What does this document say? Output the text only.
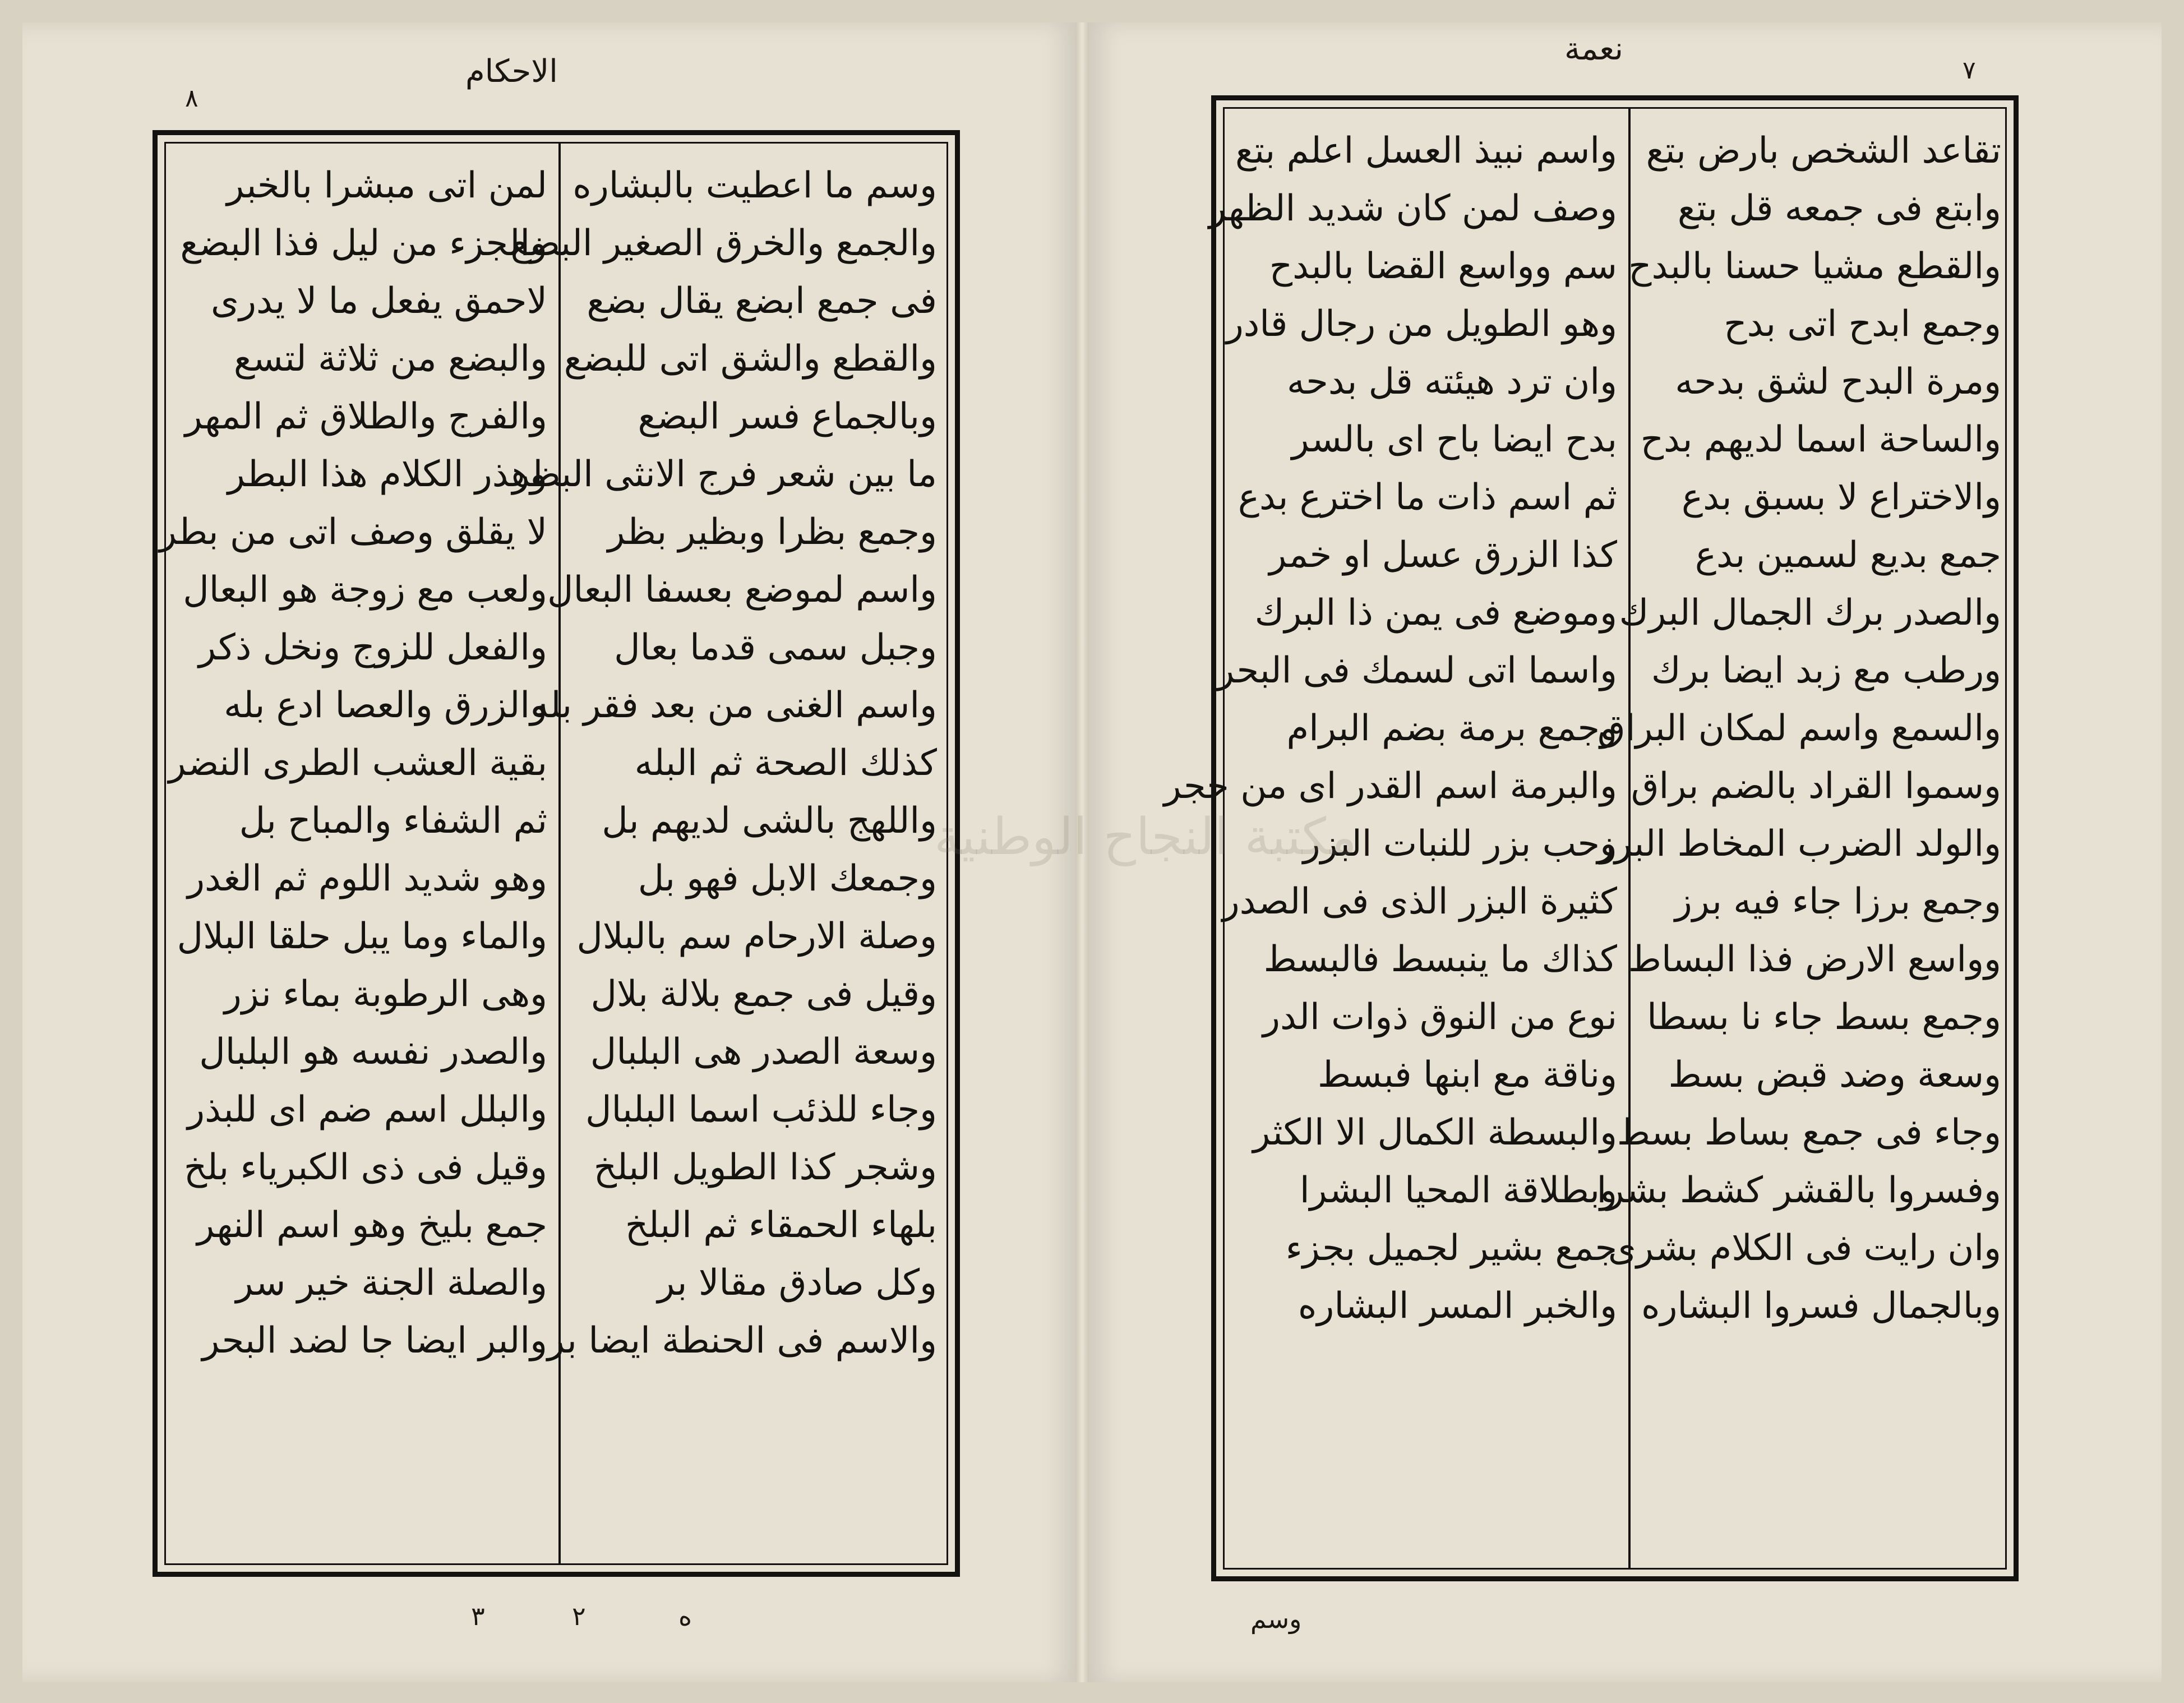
الاحكام
٨
نعمة
٧
لمن اتى مبشرا بالخبر
والجزء من ليل فذا البضع
لاحمق يفعل ما لا يدرى
والبضع من ثلاثة لتسع
والفرج والطلاق ثم المهر
وهذر الكلام هذا البطر
لا يقلق وصف اتى من بطر
ولعب مع زوجة هو البعال
والفعل للزوج ونخل ذكر
والزرق والعصا ادع بله
بقية العشب الطرى النضر
ثم الشفاء والمباح بل
وهو شديد اللوم ثم الغدر
والماء وما يبل حلقا البلال
وهى الرطوبة بماء نزر
والصدر نفسه هو البلبال
والبلل اسم ضم اى للبذر
وقيل فى ذى الكبرياء بلخ
جمع بليخ وهو اسم النهر
والصلة الجنة خير سر
والبر ايضا جا لضد البحر
وسم ما اعطيت بالبشاره
والجمع والخرق الصغير البضع
فى جمع ابضع يقال بضع
والقطع والشق اتى للبضع
وبالجماع فسر البضع
ما بين شعر فرج الانثى البظر
وجمع بظرا وبظير بظر
واسم لموضع بعسفا البعال
وجبل سمى قدما بعال
واسم الغنى من بعد فقر بله
كذلك الصحة ثم البله
واللهج بالشى لديهم بل
وجمعك الابل فهو بل
وصلة الارحام سم بالبلال
وقيل فى جمع بلالة بلال
وسعة الصدر هى البلبال
وجاء للذئب اسما البلبال
وشجر كذا الطويل البلخ
بلهاء الحمقاء ثم البلخ
وكل صادق مقالا بر
والاسم فى الحنطة ايضا بر
واسم نبيذ العسل اعلم بتع
وصف لمن كان شديد الظهر
سم وواسع القضا بالبدح
وهو الطويل من رجال قادر
وان ترد هيئته قل بدحه
بدح ايضا باح اى بالسر
ثم اسم ذات ما اخترع بدع
كذا الزرق عسل او خمر
وموضع فى يمن ذا البرك
واسما اتى لسمك فى البحر
وجمع برمة بضم البرام
والبرمة اسم القدر اى من حجر
وحب بزر للنبات البزر
كثيرة البزر الذى فى الصدر
كذاك ما ينبسط فالبسط
نوع من النوق ذوات الدر
وناقة مع ابنها فبسط
والبسطة الكمال الا الكثر
وبطلاقة المحيا البشرا
جمع بشير لجميل بجزء
والخبر المسر البشاره
تقاعد الشخص بارض بتع
وابتع فى جمعه قل بتع
والقطع مشيا حسنا بالبدح
وجمع ابدح اتى بدح
ومرة البدح لشق بدحه
والساحة اسما لديهم بدح
والاختراع لا بسبق بدع
جمع بديع لسمين بدع
والصدر برك الجمال البرك
ورطب مع زبد ايضا برك
والسمع واسم لمكان البراق
وسموا القراد بالضم براق
والولد الضرب المخاط البرز
وجمع برزا جاء فيه برز
وواسع الارض فذا البساط
وجمع بسط جاء نا بسطا
وسعة وضد قبض بسط
وجاء فى جمع بساط بسط
وفسروا بالقشر كشط بشرا
وان رايت فى الكلام بشرى
وبالجمال فسروا البشاره
٣	٢	ه	وسم
مكتبة النجاح الوطنية
